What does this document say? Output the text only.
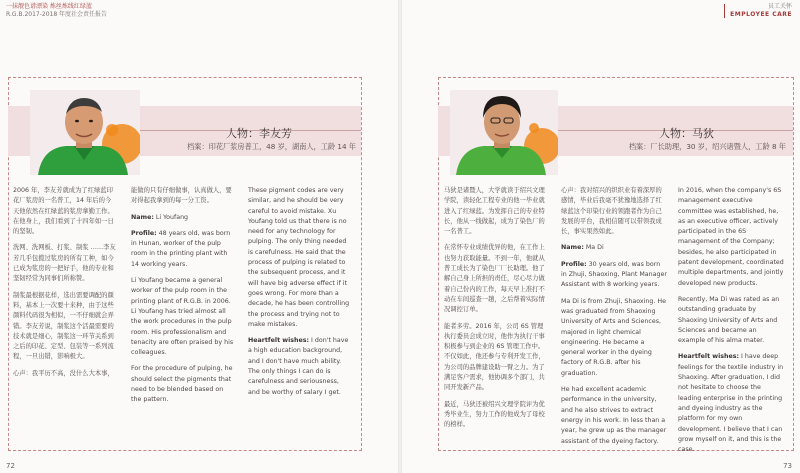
一抹靓色谱漂染 炼丝炼线红绿蓝
R.G.B.2017-2018 年度社会责任报告
人物：李友芳
档案：印花厂浆房普工，48 岁，湖南人，工龄 14 年

2006 年，李友芳就成为了红绿蓝印花厂浆房的一名普工，14 年后的今天他依然在红绿蓝的浆房拿勤工作。在他身上，我们看到了十四年如一日的坚韧。

洗网、洗网板、打浆、制浆 ……李友芳几乎包揽过浆房的所有工种，如今已成为浆房的一把好手，他的专业和坚韧经常为同事们所称赞。

制浆最根据花样，选出需要调配的颜料，基本上一次要十来种，由于这些颜料代码很为相似，一不仔细就会弄错。李友芳说，制浆这个活最需要的技术就是细心，制浆这一环节关系到之后的印花、定型、包装等一系列流程，一旦出错，影响极大。

心声：我平历不高，没什么大本事，

能做的只有仔细做事，认真做人，要对得起我拿到的每一分工资。

Name: Li Youfang

Profile: 48 years old, was born in Hunan, worker of the pulp room in the printing plant with 14 working years.

Li Youfang became a general worker of the pulp room in the printing plant of R.G.B. in 2006. Li Youfang has tried almost all the work procedures in the pulp room. His professionalism and tenacity are often praised by his colleagues.

For the procedure of pulping, he should select the pigments that need to be blended based on the pattern.

These pigment codes are very similar, and he should be very careful to avoid mistake. Xu Youfang told us that there is no need for any technology for pulping. The only thing needed is carefulness. He said that the process of pulping is related to the subsequent process, and it will have big adverse effect if it goes wrong. For more than a decade, he has been controlling the process and trying not to make mistakes.

Heartfelt wishes: I don't have a high education background, and I don't have much ability. The only things I can do is carefulness and seriousness, and be worthy of salary I get.

72
员工关怀
EMPLOYEE CARE
人物：马狄
档案：厂长助理，30 岁，绍兴诸暨人，工龄 8 年

马狄是诸暨人，大学就读于绍兴文理学院，读轻化工程专业的他一毕业就进入了红绿蓝。为发挥自己的专业特长，他从一线做起，成为了染色厂的一名普工。

在常怀专业成绩优异的他，在工作上也努力获取能量。不到一年，他就从普工成长为了染色厂厂长助理。他了解自己身上所担的责任，尽心尽力做着自己份内的工作，每天早上准打不动在车间巡查一趟，之后帮着实际情况调控订单。

能者多劳。2016 年，公司 6S 管理执行委员会成立时，他作为执行干事积极参与到企业的 6S 管理工作中。不仅如此，他还参与专利开发工作，为公司的品牌建设助一臂之力。为了满足客户需求，他协调多个部门，共同开发新产品。

最近，马狄还被绍兴文理学院评为优秀毕业生，努力工作的他成为了母校的榜样。

心声：我对绍兴的织织业有着深厚的感情，毕业后我毫不犹豫地选择了红绿蓝这个印染行业的领跑者作为自己发展的平台，我相信随可以带领我成长，事实果然如此。

Name: Ma Di

Profile: 30 years old, was born in Zhuji, Shaoxing, Plant Manager Assistant with 8 working years.

Ma Di is from Zhuji, Shaoxing. He was graduated from Shaoxing University of Arts and Sciences, majored in light chemical engineering. He became a general worker in the dyeing factory of R.G.B. after his graduation.

He had excellent academic performance in the university, and he also strives to extract energy in his work. In less than a year, he grew up as the manager assistant of the dyeing factory.

In 2016, when the company's 6S management executive committee was established, he, as an executive officer, actively participated in the 6S management of the Company; besides, he also participated in patent development, coordinated multiple departments, and jointly developed new products.

Recently, Ma Di was rated as an outstanding graduate by Shaoxing University of Arts and Sciences and became an example of his alma mater.

Heartfelt wishes: I have deep feelings for the textile industry in Shaoxing. After graduation, I did not hesitate to choose the leading enterprise in the printing and dyeing industry as the platform for my own development. I believe that I can grow myself on it, and this is the case.

73
